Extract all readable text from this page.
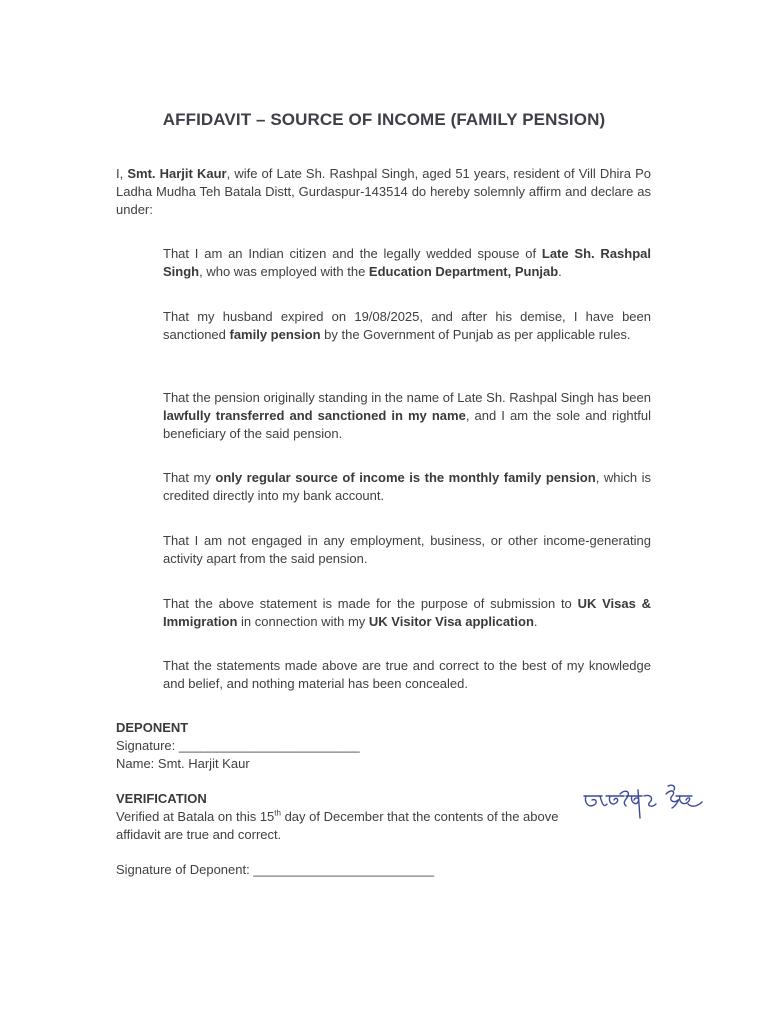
AFFIDAVIT – SOURCE OF INCOME (FAMILY PENSION)
I, Smt. Harjit Kaur, wife of Late Sh. Rashpal Singh, aged 51 years, resident of Vill Dhira Po Ladha Mudha Teh Batala Distt, Gurdaspur-143514 do hereby solemnly affirm and declare as under:
That I am an Indian citizen and the legally wedded spouse of Late Sh. Rashpal Singh, who was employed with the Education Department, Punjab.
That my husband expired on 19/08/2025, and after his demise, I have been sanctioned family pension by the Government of Punjab as per applicable rules.
That the pension originally standing in the name of Late Sh. Rashpal Singh has been lawfully transferred and sanctioned in my name, and I am the sole and rightful beneficiary of the said pension.
That my only regular source of income is the monthly family pension, which is credited directly into my bank account.
That I am not engaged in any employment, business, or other income-generating activity apart from the said pension.
That the above statement is made for the purpose of submission to UK Visas & Immigration in connection with my UK Visitor Visa application.
That the statements made above are true and correct to the best of my knowledge and belief, and nothing material has been concealed.
DEPONENT
Signature: _________________________
Name: Smt. Harjit Kaur
VERIFICATION
Verified at Batala on this 15th day of December that the contents of the above affidavit are true and correct.
Signature of Deponent: _________________________
